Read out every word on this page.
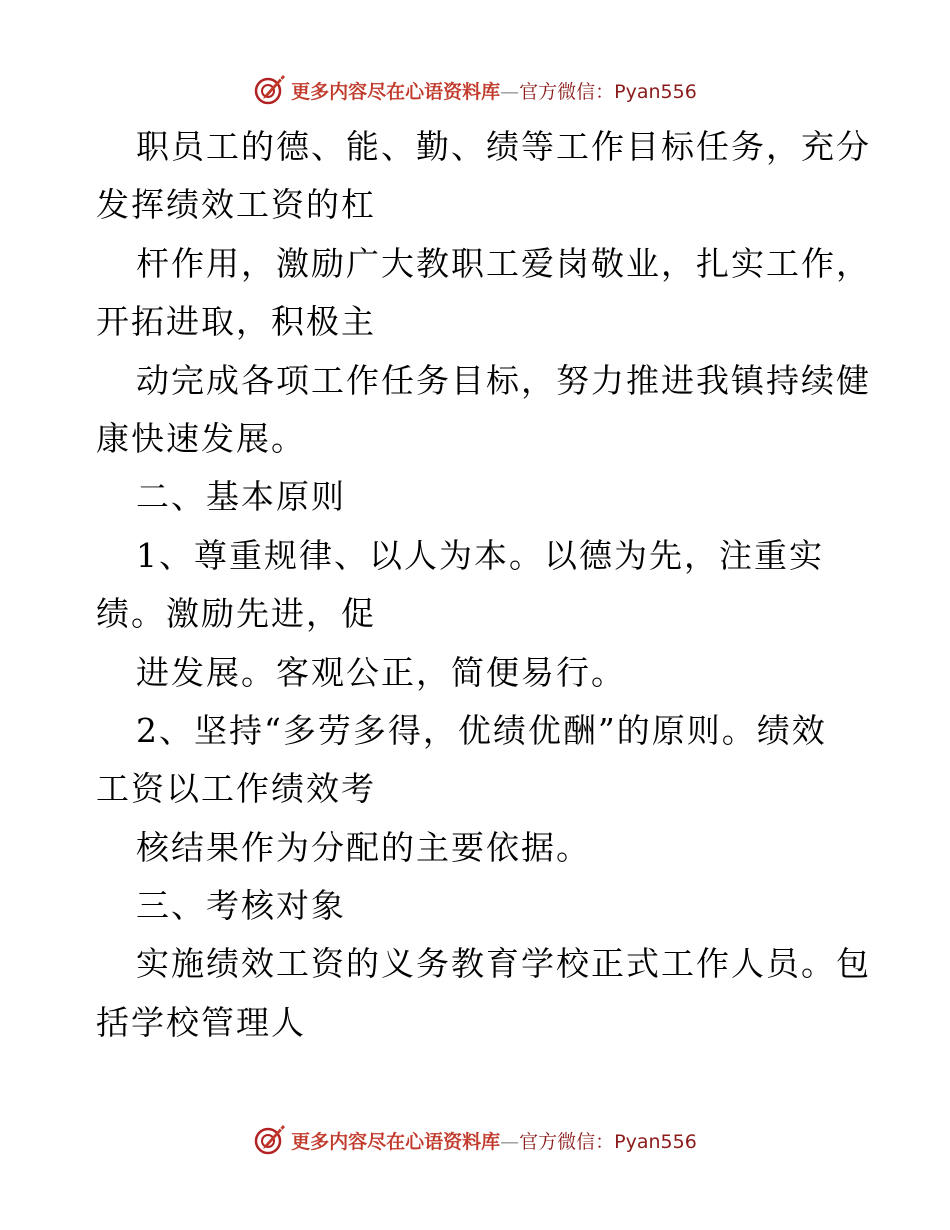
更多内容尽在心语资料库—官方微信：Pyan556
职员工的德、能、勤、绩等工作目标任务，充分
发挥绩效工资的杠
杆作用，激励广大教职工爱岗敬业，扎实工作，
开拓进取，积极主
动完成各项工作任务目标，努力推进我镇持续健
康快速发展。
二、基本原则
1、尊重规律、以人为本。以德为先，注重实
绩。激励先进，促
进发展。客观公正，简便易行。
2、坚持“多劳多得，优绩优酬”的原则。绩效
工资以工作绩效考
核结果作为分配的主要依据。
三、考核对象
实施绩效工资的义务教育学校正式工作人员。包
括学校管理人
更多内容尽在心语资料库—官方微信：Pyan556
